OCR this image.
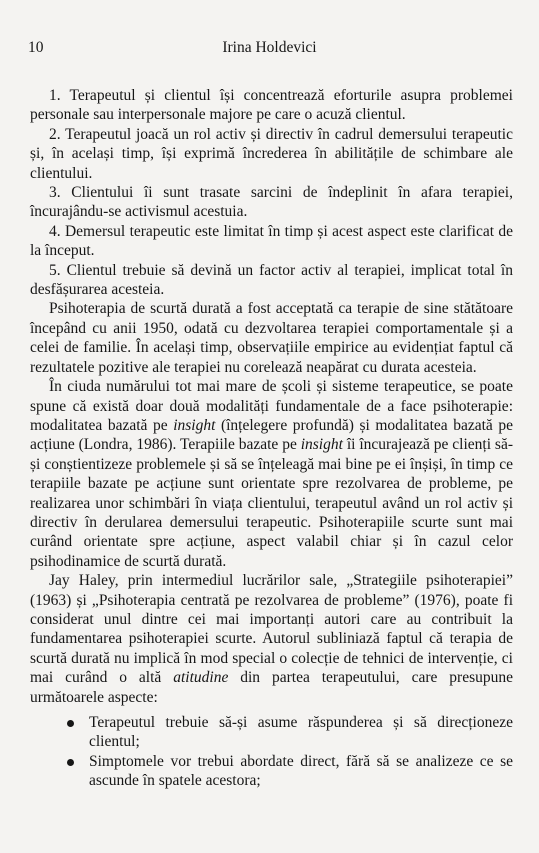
10	Irina Holdevici

1. Terapeutul și clientul își concentrează eforturile asupra problemei personale sau interpersonale majore pe care o acuză clientul.

2. Terapeutul joacă un rol activ și directiv în cadrul demersului terapeutic și, în același timp, își exprimă încrederea în abilitățile de schimbare ale clientului.

3. Clientului îi sunt trasate sarcini de îndeplinit în afara terapiei, încurajându-se activismul acestuia.

4. Demersul terapeutic este limitat în timp și acest aspect este clarificat de la început.

5. Clientul trebuie să devină un factor activ al terapiei, implicat total în desfășurarea acesteia.

Psihoterapia de scurtă durată a fost acceptată ca terapie de sine stătătoare începând cu anii 1950, odată cu dezvoltarea terapiei comportamentale și a celei de familie. În același timp, observațiile empirice au evidențiat faptul că rezultatele pozitive ale terapiei nu corelează neapărat cu durata acesteia.

În ciuda numărului tot mai mare de școli și sisteme terapeutice, se poate spune că există doar două modalități fundamentale de a face psihoterapie: modalitatea bazată pe insight (înțelegere profundă) și modalitatea bazată pe acțiune (Londra, 1986). Terapiile bazate pe insight îi încurajează pe clienți să-și conștientizeze problemele și să se înțeleagă mai bine pe ei înșiși, în timp ce terapiile bazate pe acțiune sunt orientate spre rezolvarea de probleme, pe realizarea unor schimbări în viața clientului, terapeutul având un rol activ și directiv în derularea demersului terapeutic. Psihoterapiile scurte sunt mai curând orientate spre acțiune, aspect valabil chiar și în cazul celor psihodinamice de scurtă durată.

Jay Haley, prin intermediul lucrărilor sale, „Strategiile psihoterapiei” (1963) și „Psihoterapia centrată pe rezolvarea de probleme” (1976), poate fi considerat unul dintre cei mai importanți autori care au contribuit la fundamentarea psihoterapiei scurte. Autorul subliniază faptul că terapia de scurtă durată nu implică în mod special o colecție de tehnici de intervenție, ci mai curând o altă atitudine din partea terapeutului, care presupune următoarele aspecte:

Terapeutul trebuie să-și asume răspunderea și să direcționeze clientul;
Simptomele vor trebui abordate direct, fără să se analizeze ce se ascunde în spatele acestora;
